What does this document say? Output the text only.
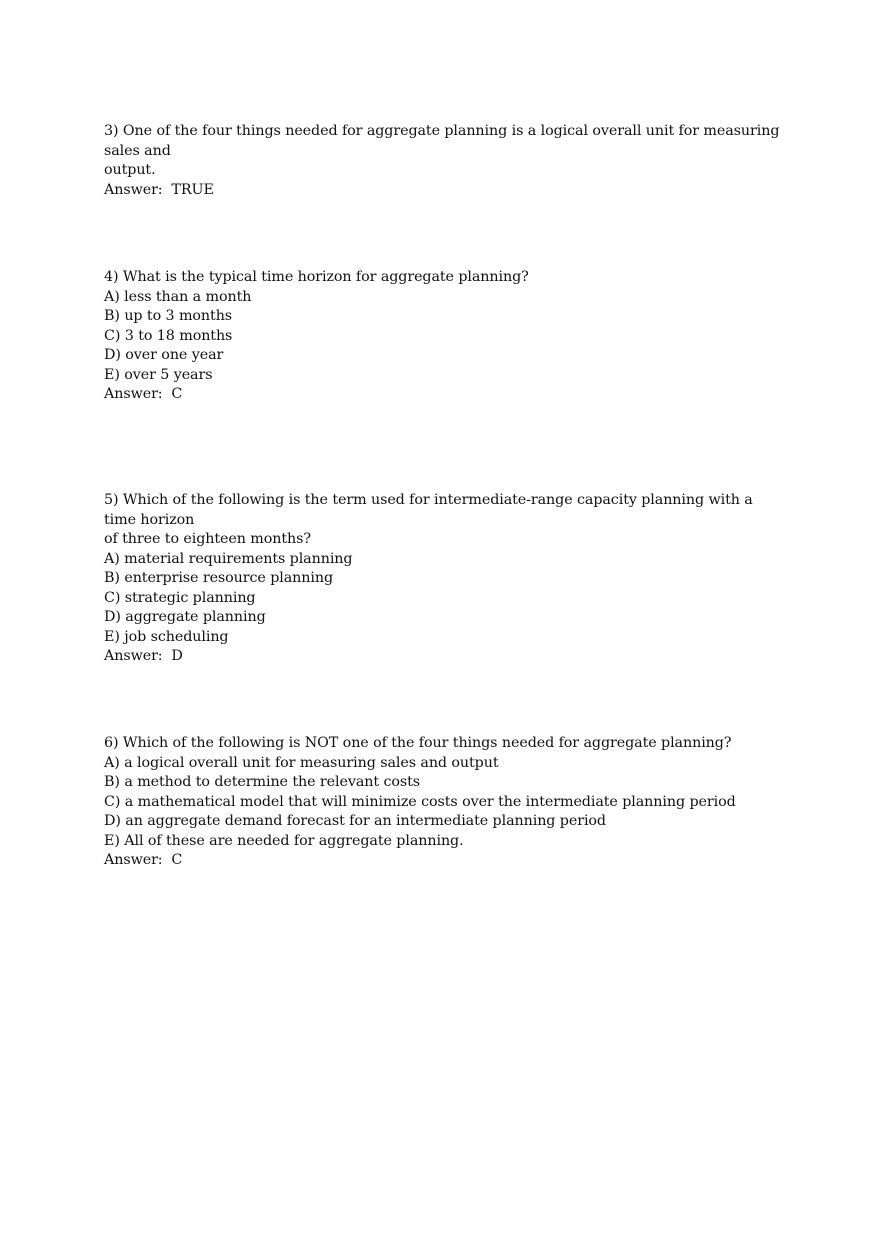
3) One of the four things needed for aggregate planning is a logical overall unit for measuring sales and
output.
Answer:  TRUE
4) What is the typical time horizon for aggregate planning?
A) less than a month
B) up to 3 months
C) 3 to 18 months
D) over one year
E) over 5 years
Answer:  C
5) Which of the following is the term used for intermediate-range capacity planning with a time horizon
of three to eighteen months?
A) material requirements planning
B) enterprise resource planning
C) strategic planning
D) aggregate planning
E) job scheduling
Answer:  D
6) Which of the following is NOT one of the four things needed for aggregate planning?
A) a logical overall unit for measuring sales and output
B) a method to determine the relevant costs
C) a mathematical model that will minimize costs over the intermediate planning period
D) an aggregate demand forecast for an intermediate planning period
E) All of these are needed for aggregate planning.
Answer:  C
